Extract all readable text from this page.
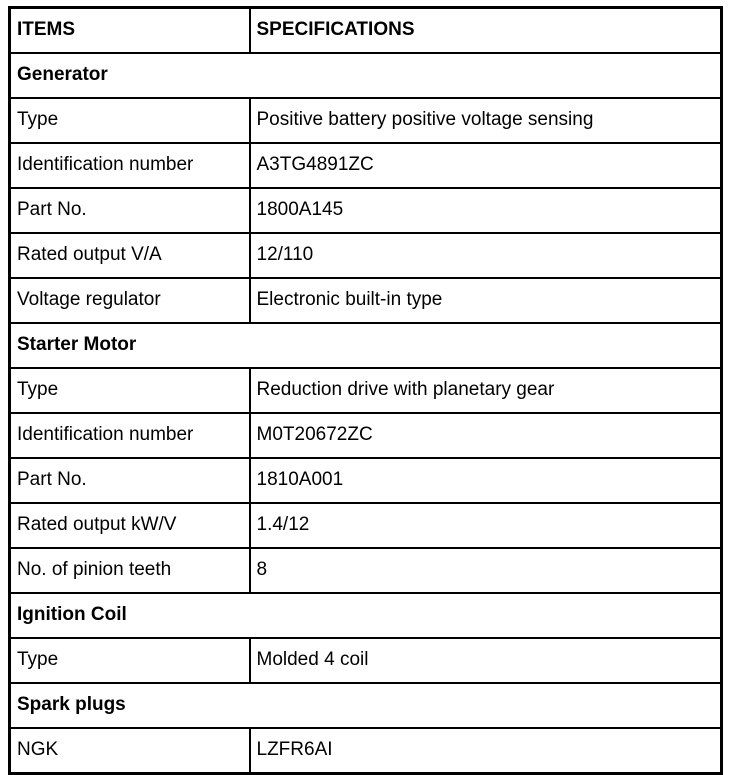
ITEMS	SPECIFICATIONS
Generator	
Type	Positive battery positive voltage sensing
Identification number	A3TG4891ZC
Part No.	1800A145
Rated output V/A	12/110
Voltage regulator	Electronic built-in type
Starter Motor	
Type	Reduction drive with planetary gear
Identification number	M0T20672ZC
Part No.	1810A001
Rated output kW/V	1.4/12
No. of pinion teeth	8
Ignition Coil	
Type	Molded 4 coil
Spark plugs	
NGK	LZFR6AI
